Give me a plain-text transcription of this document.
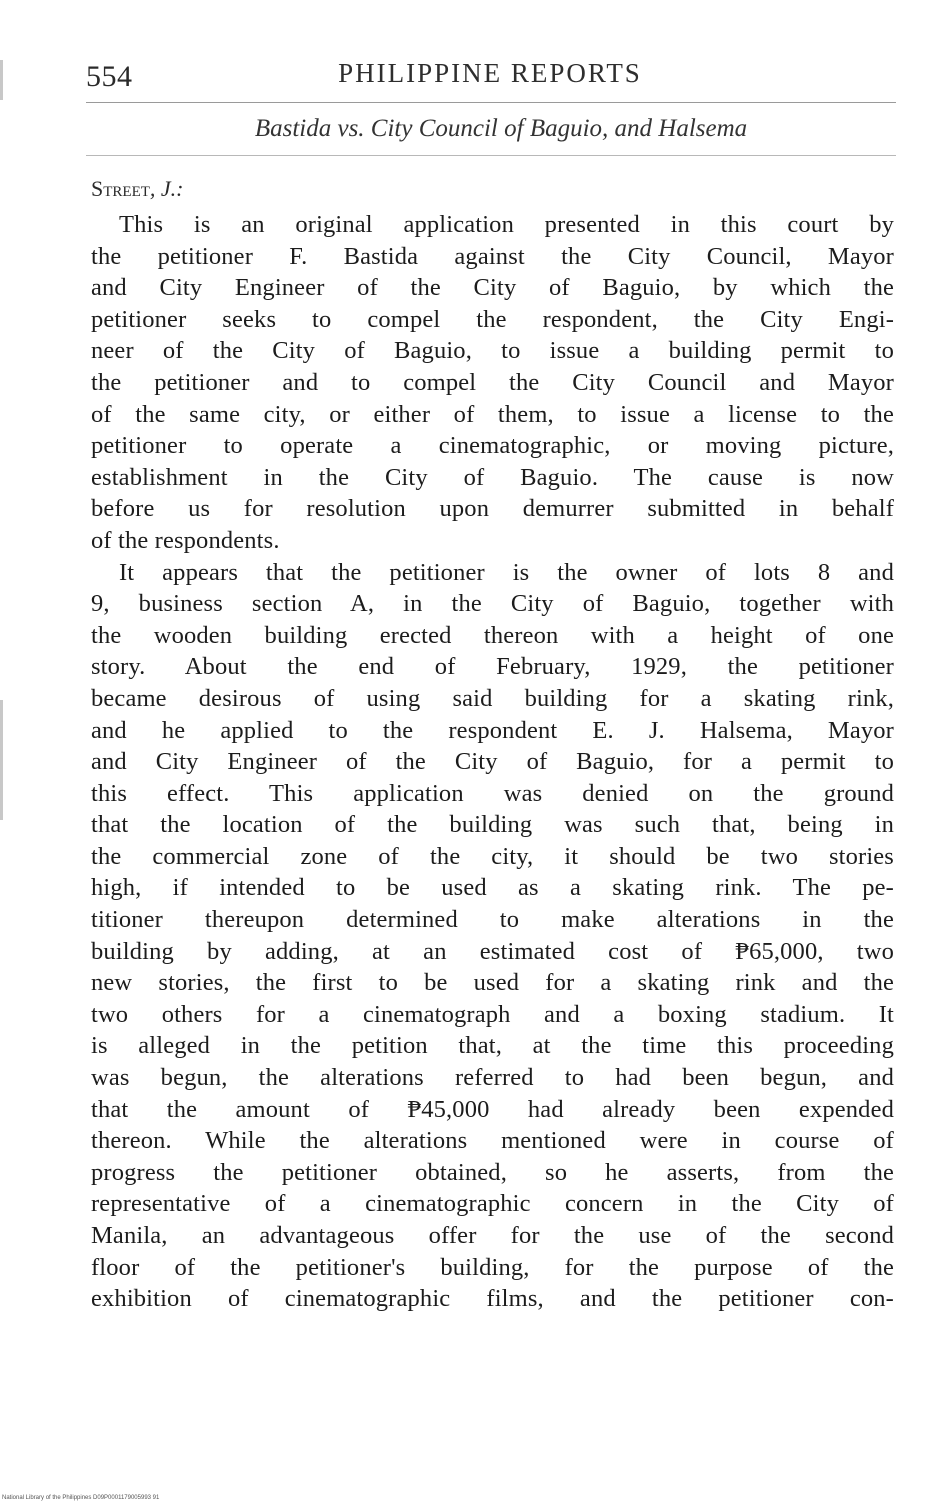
554	PHILIPPINE REPORTS
Bastida vs. City Council of Baguio, and Halsema
Street, J.:
This is an original application presented in this court by
the petitioner F. Bastida against the City Council, Mayor
and City Engineer of the City of Baguio, by which the
petitioner seeks to compel the respondent, the City Engi-
neer of the City of Baguio, to issue a building permit to
the petitioner and to compel the City Council and Mayor
of the same city, or either of them, to issue a license to the
petitioner to operate a cinematographic, or moving picture,
establishment in the City of Baguio. The cause is now
before us for resolution upon demurrer submitted in behalf
of the respondents.
It appears that the petitioner is the owner of lots 8 and
9, business section A, in the City of Baguio, together with
the wooden building erected thereon with a height of one
story. About the end of February, 1929, the petitioner
became desirous of using said building for a skating rink,
and he applied to the respondent E. J. Halsema, Mayor
and City Engineer of the City of Baguio, for a permit to
this effect. This application was denied on the ground
that the location of the building was such that, being in
the commercial zone of the city, it should be two stories
high, if intended to be used as a skating rink. The pe-
titioner thereupon determined to make alterations in the
building by adding, at an estimated cost of ₱65,000, two
new stories, the first to be used for a skating rink and the
two others for a cinematograph and a boxing stadium. It
is alleged in the petition that, at the time this proceeding
was begun, the alterations referred to had been begun, and
that the amount of ₱45,000 had already been expended
thereon. While the alterations mentioned were in course of
progress the petitioner obtained, so he asserts, from the
representative of a cinematographic concern in the City of
Manila, an advantageous offer for the use of the second
floor of the petitioner's building, for the purpose of the
exhibition of cinematographic films, and the petitioner con-
National Library of the Philippines D09P0001179005993 91
